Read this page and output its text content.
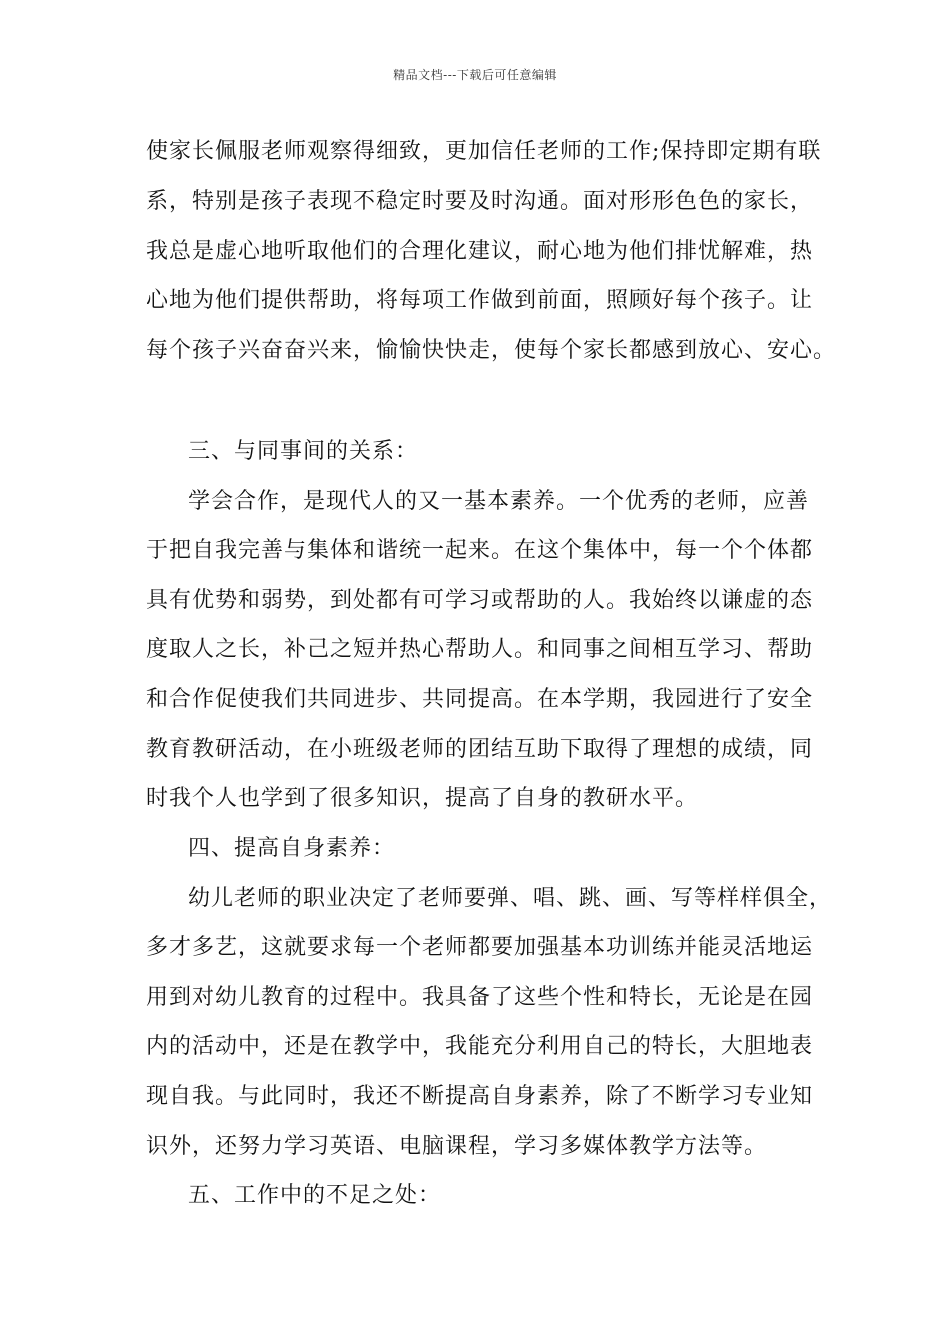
精品文档---下载后可任意编辑
使家长佩服老师观察得细致，更加信任老师的工作;保持即定期有联
系，特别是孩子表现不稳定时要及时沟通。面对形形色色的家长，
我总是虚心地听取他们的合理化建议，耐心地为他们排忧解难，热
心地为他们提供帮助，将每项工作做到前面，照顾好每个孩子。让
每个孩子兴奋奋兴来，愉愉快快走，使每个家长都感到放心、安心。
三、与同事间的关系：
学会合作，是现代人的又一基本素养。一个优秀的老师，应善
于把自我完善与集体和谐统一起来。在这个集体中，每一个个体都
具有优势和弱势，到处都有可学习或帮助的人。我始终以谦虚的态
度取人之长，补己之短并热心帮助人。和同事之间相互学习、帮助
和合作促使我们共同进步、共同提高。在本学期，我园进行了安全
教育教研活动，在小班级老师的团结互助下取得了理想的成绩，同
时我个人也学到了很多知识，提高了自身的教研水平。
四、提高自身素养：
幼儿老师的职业决定了老师要弹、唱、跳、画、写等样样俱全，
多才多艺，这就要求每一个老师都要加强基本功训练并能灵活地运
用到对幼儿教育的过程中。我具备了这些个性和特长，无论是在园
内的活动中，还是在教学中，我能充分利用自己的特长，大胆地表
现自我。与此同时，我还不断提高自身素养，除了不断学习专业知
识外，还努力学习英语、电脑课程，学习多媒体教学方法等。
五、工作中的不足之处：
